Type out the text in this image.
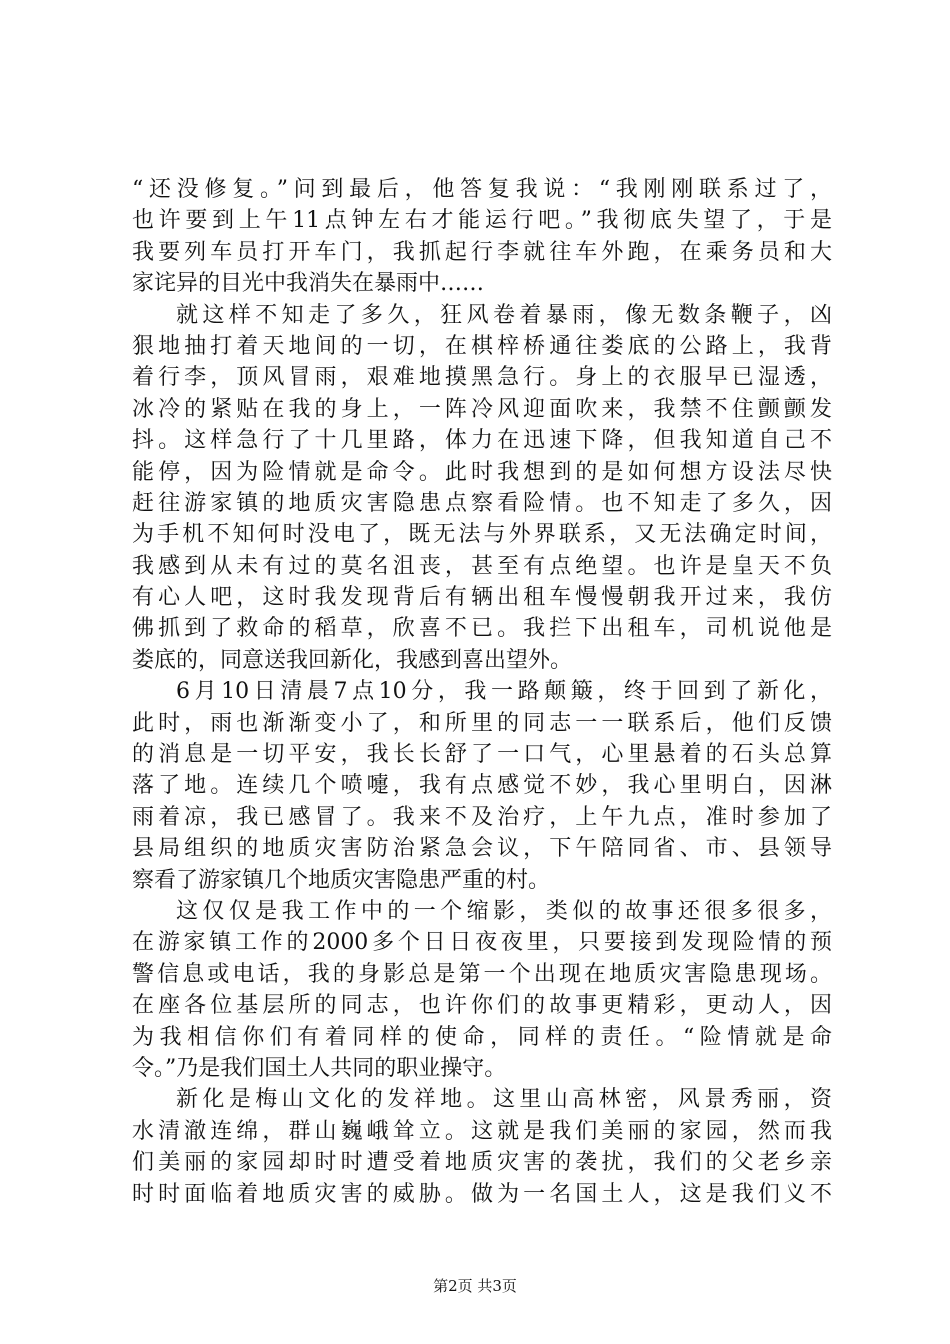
“还没修复。”问到最后，他答复我说：“我刚刚联系过了，
也许要到上午11点钟左右才能运行吧。”我彻底失望了，于是
我要列车员打开车门，我抓起行李就往车外跑，在乘务员和大
家诧异的目光中我消失在暴雨中……
就这样不知走了多久，狂风卷着暴雨，像无数条鞭子，凶
狠地抽打着天地间的一切，在棋梓桥通往娄底的公路上，我背
着行李，顶风冒雨，艰难地摸黑急行。身上的衣服早已湿透，
冰冷的紧贴在我的身上，一阵冷风迎面吹来，我禁不住颤颤发
抖。这样急行了十几里路，体力在迅速下降，但我知道自己不
能停，因为险情就是命令。此时我想到的是如何想方设法尽快
赶往游家镇的地质灾害隐患点察看险情。也不知走了多久，因
为手机不知何时没电了，既无法与外界联系，又无法确定时间，
我感到从未有过的莫名沮丧，甚至有点绝望。也许是皇天不负
有心人吧，这时我发现背后有辆出租车慢慢朝我开过来，我仿
佛抓到了救命的稻草，欣喜不已。我拦下出租车，司机说他是
娄底的，同意送我回新化，我感到喜出望外。
6月10日清晨7点10分，我一路颠簸，终于回到了新化，
此时，雨也渐渐变小了，和所里的同志一一联系后，他们反馈
的消息是一切平安，我长长舒了一口气，心里悬着的石头总算
落了地。连续几个喷嚏，我有点感觉不妙，我心里明白，因淋
雨着凉，我已感冒了。我来不及治疗，上午九点，准时参加了
县局组织的地质灾害防治紧急会议，下午陪同省、市、县领导
察看了游家镇几个地质灾害隐患严重的村。
这仅仅是我工作中的一个缩影，类似的故事还很多很多，
在游家镇工作的2000多个日日夜夜里，只要接到发现险情的预
警信息或电话，我的身影总是第一个出现在地质灾害隐患现场。
在座各位基层所的同志，也许你们的故事更精彩，更动人，因
为我相信你们有着同样的使命，同样的责任。“险情就是命
令。”乃是我们国土人共同的职业操守。
新化是梅山文化的发祥地。这里山高林密，风景秀丽，资
水清澈连绵，群山巍峨耸立。这就是我们美丽的家园，然而我
们美丽的家园却时时遭受着地质灾害的袭扰，我们的父老乡亲
时时面临着地质灾害的威胁。做为一名国土人，这是我们义不
第2页 共3页
